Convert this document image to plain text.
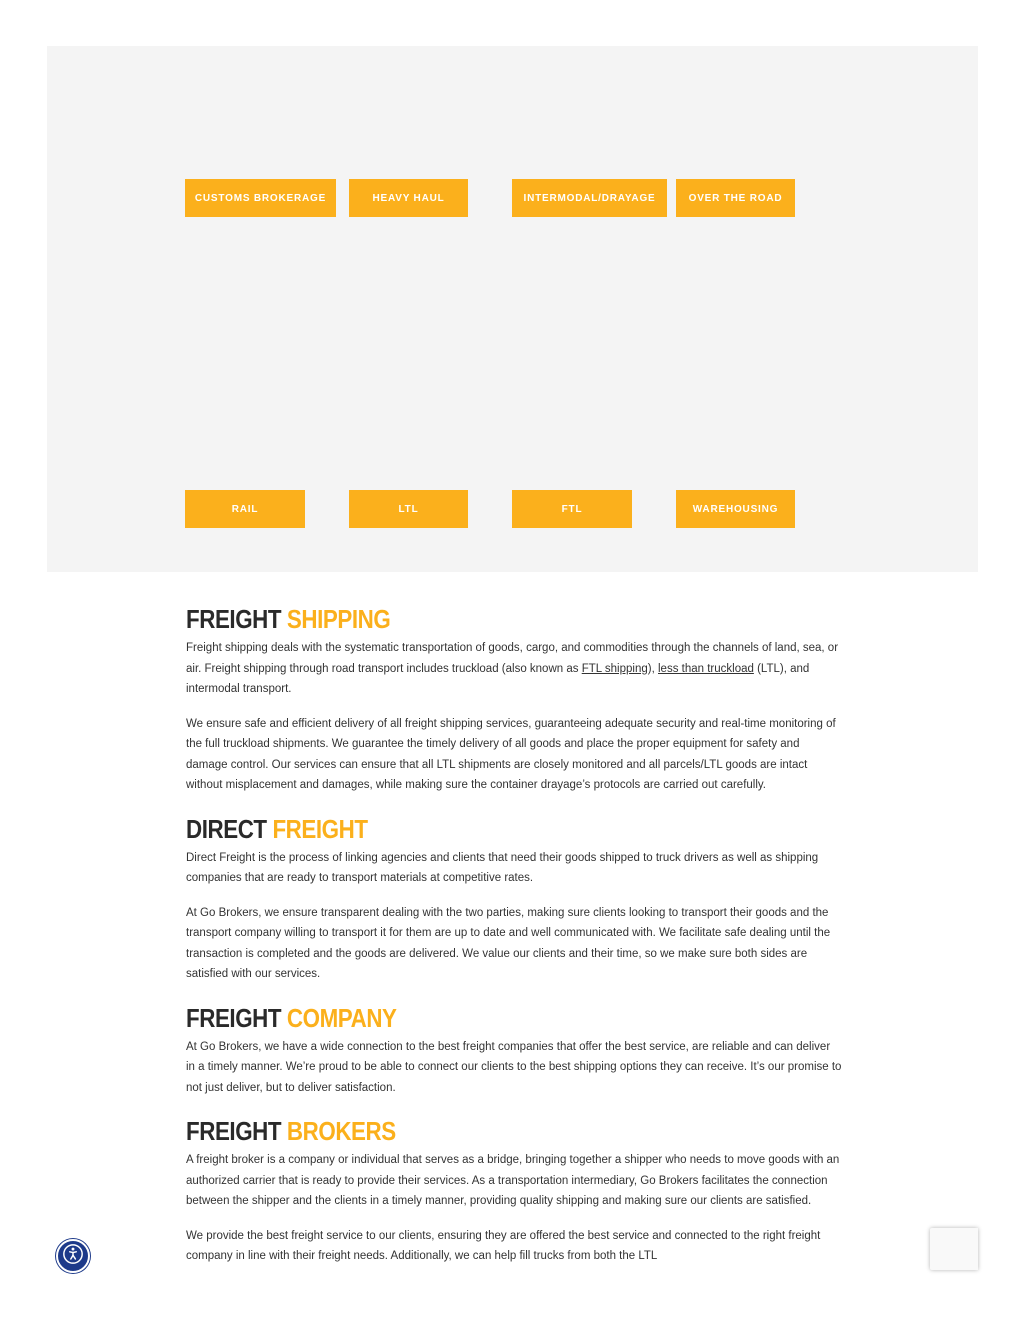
CUSTOMS BROKERAGE	HEAVY HAUL	INTERMODAL/DRAYAGE	OVER THE ROAD
RAIL	LTL	FTL	WAREHOUSING
FREIGHT SHIPPING

Freight shipping deals with the systematic transportation of goods, cargo, and commodities through the channels of land, sea, or air. Freight shipping through road transport includes truckload (also known as FTL shipping), less than truckload (LTL), and intermodal transport.

We ensure safe and efficient delivery of all freight shipping services, guaranteeing adequate security and real-time monitoring of the full truckload shipments. We guarantee the timely delivery of all goods and place the proper equipment for safety and damage control. Our services can ensure that all LTL shipments are closely monitored and all parcels/LTL goods are intact without misplacement and damages, while making sure the container drayage’s protocols are carried out carefully.

DIRECT FREIGHT

Direct Freight is the process of linking agencies and clients that need their goods shipped to truck drivers as well as shipping companies that are ready to transport materials at competitive rates.

At Go Brokers, we ensure transparent dealing with the two parties, making sure clients looking to transport their goods and the transport company willing to transport it for them are up to date and well communicated with. We facilitate safe dealing until the transaction is completed and the goods are delivered. We value our clients and their time, so we make sure both sides are satisfied with our services.

FREIGHT COMPANY

At Go Brokers, we have a wide connection to the best freight companies that offer the best service, are reliable and can deliver in a timely manner. We’re proud to be able to connect our clients to the best shipping options they can receive. It’s our promise to not just deliver, but to deliver satisfaction.

FREIGHT BROKERS

A freight broker is a company or individual that serves as a bridge, bringing together a shipper who needs to move goods with an authorized carrier that is ready to provide their services. As a transportation intermediary, Go Brokers facilitates the connection between the shipper and the clients in a timely manner, providing quality shipping and making sure our clients are satisfied.

We provide the best freight service to our clients, ensuring they are offered the best service and connected to the right freight company in line with their freight needs. Additionally, we can help fill trucks from both the LTL
